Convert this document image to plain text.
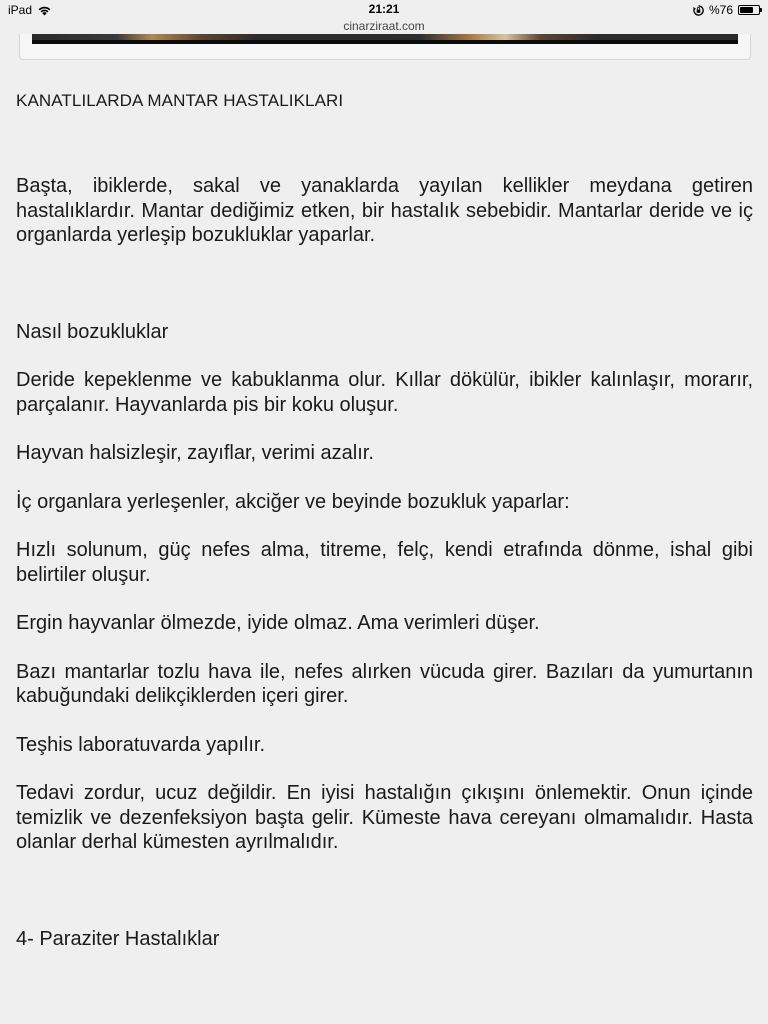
iPad	21:21	%76
cinarziraat.com
KANATLILARDA MANTAR HASTALIKLARI

Başta, ibiklerde, sakal ve yanaklarda yayılan kellikler meydana getiren hastalıklardır. Mantar dediğimiz etken, bir hastalık sebebidir. Mantarlar deride ve iç organlarda yerleşip bozukluklar yaparlar.

Nasıl bozukluklar

Deride kepeklenme ve kabuklanma olur. Kıllar dökülür, ibikler kalınlaşır, morarır, parçalanır. Hayvanlarda pis bir koku oluşur.

Hayvan halsizleşir, zayıflar, verimi azalır.

İç organlara yerleşenler, akciğer ve beyinde bozukluk yaparlar:

Hızlı solunum, güç nefes alma, titreme, felç, kendi etrafında dönme, ishal gibi belirtiler oluşur.

Ergin hayvanlar ölmezde, iyide olmaz. Ama verimleri düşer.

Bazı mantarlar tozlu hava ile, nefes alırken vücuda girer. Bazıları da yumurtanın kabuğundaki delikçiklerden içeri girer.

Teşhis laboratuvarda yapılır.

Tedavi zordur, ucuz değildir. En iyisi hastalığın çıkışını önlemektir. Onun içinde temizlik ve dezenfeksiyon başta gelir. Kümeste hava cereyanı olmamalıdır. Hasta olanlar derhal kümesten ayrılmalıdır.

4- Paraziter Hastalıklar
